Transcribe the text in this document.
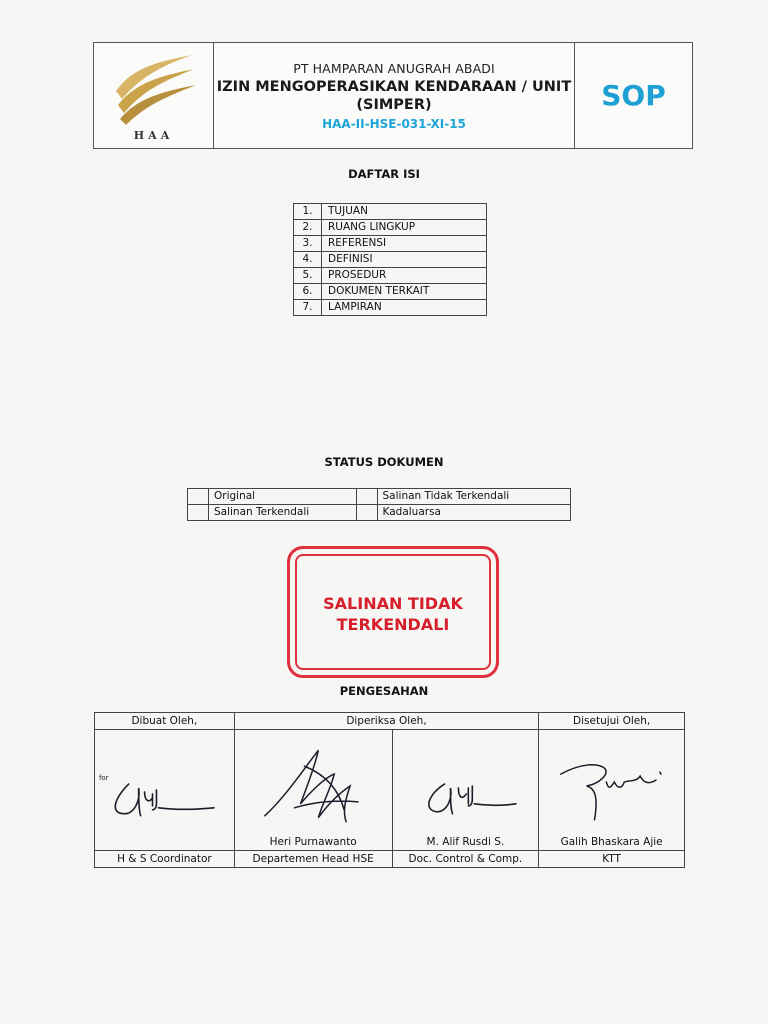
HAA
PT HAMPARAN ANUGRAH ABADI
IZIN MENGOPERASIKAN KENDARAAN / UNIT
(SIMPER)
HAA-II-HSE-031-XI-15
SOP
DAFTAR ISI
1.	TUJUAN
2.	RUANG LINGKUP
3.	REFERENSI
4.	DEFINISI
5.	PROSEDUR
6.	DOKUMEN TERKAIT
7.	LAMPIRAN
STATUS DOKUMEN
	Original		Salinan Tidak Terkendali
	Salinan Terkendali		Kadaluarsa
SALINAN TIDAK
TERKENDALI
PENGESAHAN
Dibuat Oleh,	Diperiksa Oleh,		Disetujui Oleh,

for	Heri Purnawanto	M. Alif Rusdi S.	Galih Bhaskara Ajie

H & S Coordinator	Departemen Head HSE	Doc. Control & Comp.	KTT
